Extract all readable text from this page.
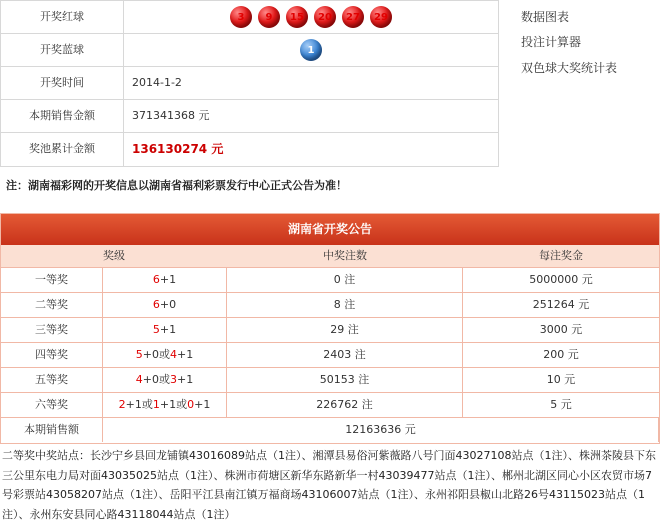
开奖红球	3	9	15	20	27	29
开奖蓝球	1
开奖时间	2014-1-2
本期销售金额	371341368 元
奖池累计金额	136130274 元
数据图表
投注计算器
双色球大奖统计表
注：湖南福彩网的开奖信息以湖南省福利彩票发行中心正式公告为准！
湖南省开奖公告
奖级	中奖注数	每注奖金
一等奖	6+1	0 注	5000000 元
二等奖	6+0	8 注	251264 元
三等奖	5+1	29 注	3000 元
四等奖	5+0或4+1	2403 注	200 元
五等奖	4+0或3+1	50153 注	10 元
六等奖	2+1或1+1或0+1	226762 注	5 元
本期销售额	12163636 元
二等奖中奖站点：长沙宁乡县回龙铺镇43016089站点（1注）、湘潭县易俗河紫薇路八号门面43027108站点（1注）、株洲茶陵县下东三公里东电力局对面43035025站点（1注）、株洲市荷塘区新华东路新华一村43039477站点（1注）、郴州北湖区同心小区农贸市场7号彩票站43058207站点（1注）、岳阳平江县南江镇万福商场43106007站点（1注）、永州祁阳县椒山北路26号43115023站点（1注）、永州东安县同心路43118044站点（1注）
